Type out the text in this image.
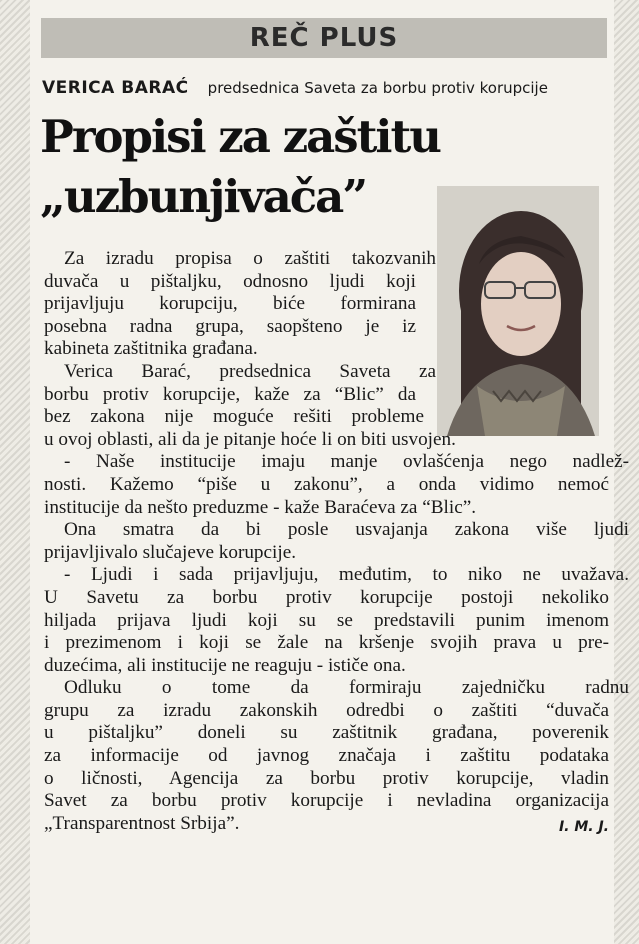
REČ PLUS
VERICA BARAĆ predsednica Saveta za borbu protiv korupcije
Propisi za zaštitu
„uzbunjivača”
Za izradu propisa o zaštiti takozvanih
duvača u pištaljku, odnosno ljudi koji
prijavljuju korupciju, biće formirana
posebna radna grupa, saopšteno je iz
kabineta zaštitnika građana.
Verica Barać, predsednica Saveta za
borbu protiv korupcije, kaže za “Blic” da
bez zakona nije moguće rešiti probleme
u ovoj oblasti, ali da je pitanje hoće li on biti usvojen.
- Naše institucije imaju manje ovlašćenja nego nadlež-
nosti. Kažemo “piše u zakonu”, a onda vidimo nemoć
institucije da nešto preduzme - kaže Baraćeva za “Blic”.
Ona smatra da bi posle usvajanja zakona više ljudi
prijavljivalo slučajeve korupcije.
- Ljudi i sada prijavljuju, međutim, to niko ne uvažava.
U Savetu za borbu protiv korupcije postoji nekoliko
hiljada prijava ljudi koji su se predstavili punim imenom
i prezimenom i koji se žale na kršenje svojih prava u pre-
duzećima, ali institucije ne reaguju - ističe ona.
Odluku o tome da formiraju zajedničku radnu
grupu za izradu zakonskih odredbi o zaštiti “duvača
u pištaljku” doneli su zaštitnik građana, poverenik
za informacije od javnog značaja i zaštitu podataka
o ličnosti, Agencija za borbu protiv korupcije, vladin
Savet za borbu protiv korupcije i nevladina organizacija
„Transparentnost Srbija”.	I. M. J.
